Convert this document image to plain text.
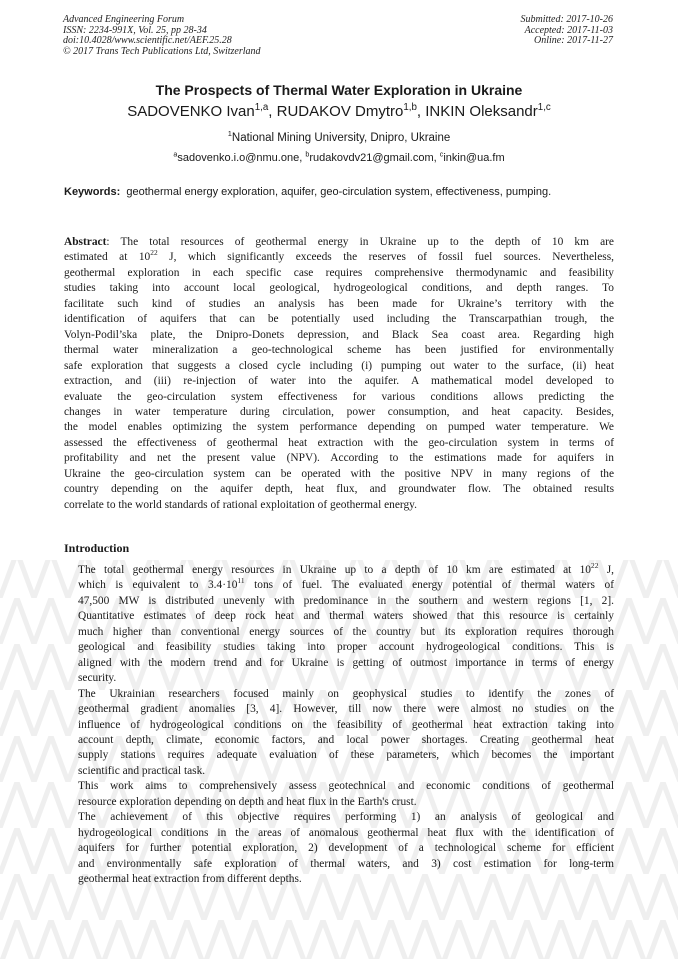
Advanced Engineering Forum
ISSN: 2234-991X, Vol. 25, pp 28-34
doi:10.4028/www.scientific.net/AEF.25.28
© 2017 Trans Tech Publications Ltd, Switzerland
Submitted: 2017-10-26
Accepted: 2017-11-03
Online: 2017-11-27
The Prospects of Thermal Water Exploration in Ukraine
SADOVENKO Ivan$^{1,a}$, RUDAKOV Dmytro$^{1,b}$, INKIN Oleksandr$^{1,c}$
$^1$National Mining University, Dnipro, Ukraine
$^a$sadovenko.i.o@nmu.one, $^b$rudakovdv21@gmail.com, $^c$inkin@ua.fm
Keywords: geothermal energy exploration, aquifer, geo-circulation system, effectiveness, pumping.
Abstract: The total resources of geothermal energy in Ukraine up to the depth of 10 km are
estimated at $10^{22}$ J, which significantly exceeds the reserves of fossil fuel sources. Nevertheless,
geothermal exploration in each specific case requires comprehensive thermodynamic and feasibility
studies taking into account local geological, hydrogeological conditions, and depth ranges. To
facilitate such kind of studies an analysis has been made for Ukraine’s territory with the
identification of aquifers that can be potentially used including the Transcarpathian trough, the
Volyn-Podil’ska plate, the Dnipro-Donets depression, and Black Sea coast area. Regarding high
thermal water mineralization a geo-technological scheme has been justified for environmentally
safe exploration that suggests a closed cycle including (i) pumping out water to the surface, (ii) heat
extraction, and (iii) re-injection of water into the aquifer. A mathematical model developed to
evaluate the geo-circulation system effectiveness for various conditions allows predicting the
changes in water temperature during circulation, power consumption, and heat capacity. Besides,
the model enables optimizing the system performance depending on pumped water temperature. We
assessed the effectiveness of geothermal heat extraction with the geo-circulation system in terms of
profitability and net the present value (NPV). According to the estimations made for aquifers in
Ukraine the geo-circulation system can be operated with the positive NPV in many regions of the
country depending on the aquifer depth, heat flux, and groundwater flow. The obtained results
correlate to the world standards of rational exploitation of geothermal energy.
Introduction

The total geothermal energy resources in Ukraine up to a depth of 10 km are estimated at $10^{22}$ J,
which is equivalent to $3.4\cdot 10^{11}$ tons of fuel. The evaluated energy potential of thermal waters of
47,500 MW is distributed unevenly with predominance in the southern and western regions [1, 2].
Quantitative estimates of deep rock heat and thermal waters showed that this resource is certainly
much higher than conventional energy sources of the country but its exploration requires thorough
geological and feasibility studies taking into proper account hydrogeological conditions. This is
aligned with the modern trend and for Ukraine is getting of outmost importance in terms of energy
security.

The Ukrainian researchers focused mainly on geophysical studies to identify the zones of
geothermal gradient anomalies [3, 4]. However, till now there were almost no studies on the
influence of hydrogeological conditions on the feasibility of geothermal heat extraction taking into
account depth, climate, economic factors, and local power shortages. Creating geothermal heat
supply stations requires adequate evaluation of these parameters, which becomes the important
scientific and practical task.

This work aims to comprehensively assess geotechnical and economic conditions of geothermal
resource exploration depending on depth and heat flux in the Earth's crust.

The achievement of this objective requires performing 1) an analysis of geological and
hydrogeological conditions in the areas of anomalous geothermal heat flux with the identification of
aquifers for further potential exploration, 2) development of a technological scheme for efficient
and environmentally safe exploration of thermal waters, and 3) cost estimation for long-term
geothermal heat extraction from different depths.
